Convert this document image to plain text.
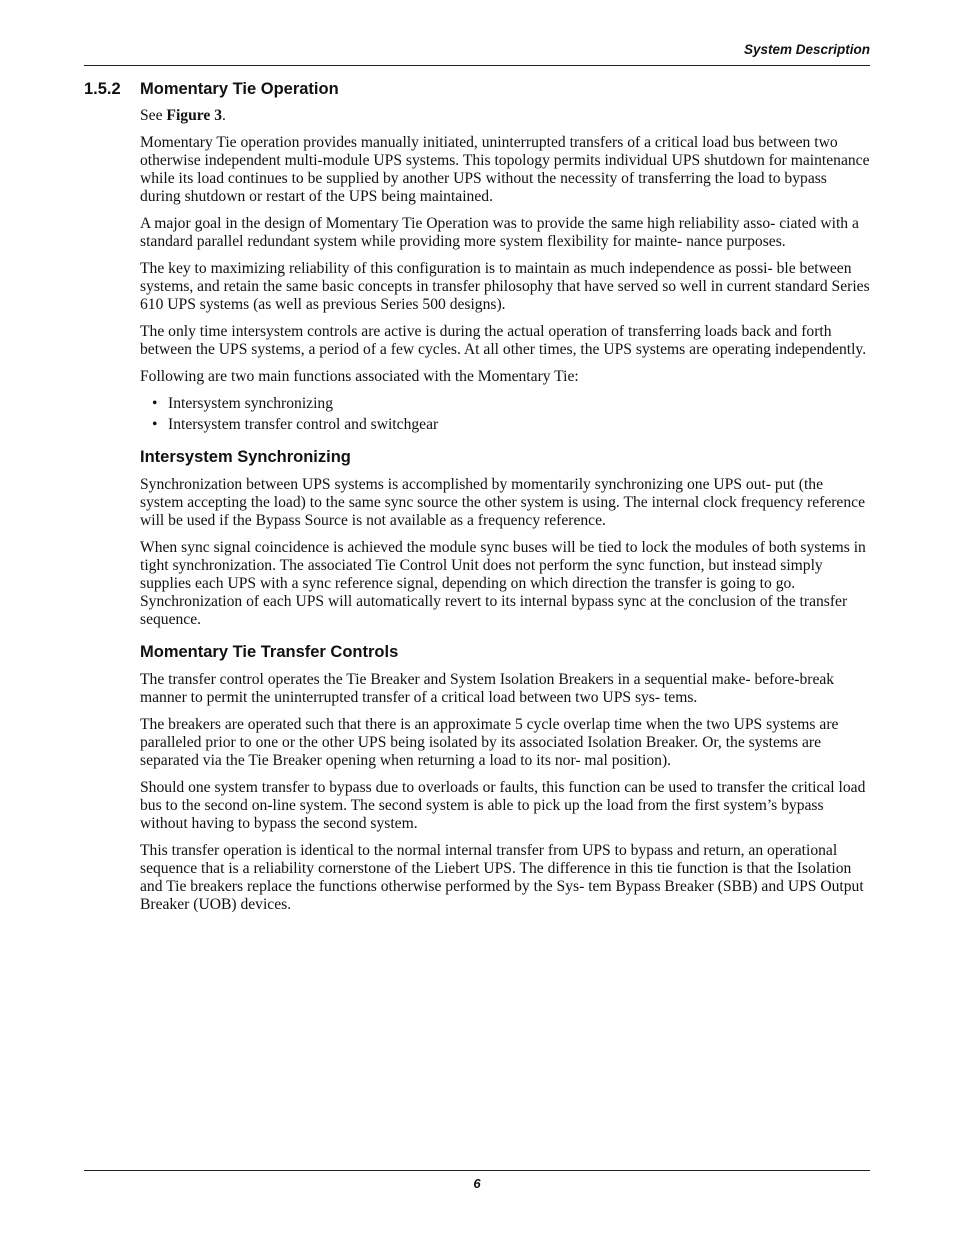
System Description
1.5.2	Momentary Tie Operation

See Figure 3.

Momentary Tie operation provides manually initiated, uninterrupted transfers of a critical load bus between two otherwise independent multi-module UPS systems. This topology permits individual UPS shutdown for maintenance while its load continues to be supplied by another UPS without the necessity of transferring the load to bypass during shutdown or restart of the UPS being maintained.

A major goal in the design of Momentary Tie Operation was to provide the same high reliability asso- ciated with a standard parallel redundant system while providing more system flexibility for mainte- nance purposes.

The key to maximizing reliability of this configuration is to maintain as much independence as possi- ble between systems, and retain the same basic concepts in transfer philosophy that have served so well in current standard Series 610 UPS systems (as well as previous Series 500 designs).

The only time intersystem controls are active is during the actual operation of transferring loads back and forth between the UPS systems, a period of a few cycles. At all other times, the UPS systems are operating independently.

Following are two main functions associated with the Momentary Tie:

• Intersystem synchronizing
• Intersystem transfer control and switchgear
Intersystem Synchronizing

Synchronization between UPS systems is accomplished by momentarily synchronizing one UPS out- put (the system accepting the load) to the same sync source the other system is using. The internal clock frequency reference will be used if the Bypass Source is not available as a frequency reference.

When sync signal coincidence is achieved the module sync buses will be tied to lock the modules of both systems in tight synchronization. The associated Tie Control Unit does not perform the sync function, but instead simply supplies each UPS with a sync reference signal, depending on which direction the transfer is going to go. Synchronization of each UPS will automatically revert to its internal bypass sync at the conclusion of the transfer sequence.

Momentary Tie Transfer Controls

The transfer control operates the Tie Breaker and System Isolation Breakers in a sequential make- before-break manner to permit the uninterrupted transfer of a critical load between two UPS sys- tems.

The breakers are operated such that there is an approximate 5 cycle overlap time when the two UPS systems are paralleled prior to one or the other UPS being isolated by its associated Isolation Breaker. Or, the systems are separated via the Tie Breaker opening when returning a load to its nor- mal position).

Should one system transfer to bypass due to overloads or faults, this function can be used to transfer the critical load bus to the second on-line system. The second system is able to pick up the load from the first system’s bypass without having to bypass the second system.

This transfer operation is identical to the normal internal transfer from UPS to bypass and return, an operational sequence that is a reliability cornerstone of the Liebert UPS. The difference in this tie function is that the Isolation and Tie breakers replace the functions otherwise performed by the Sys- tem Bypass Breaker (SBB) and UPS Output Breaker (UOB) devices.

6
